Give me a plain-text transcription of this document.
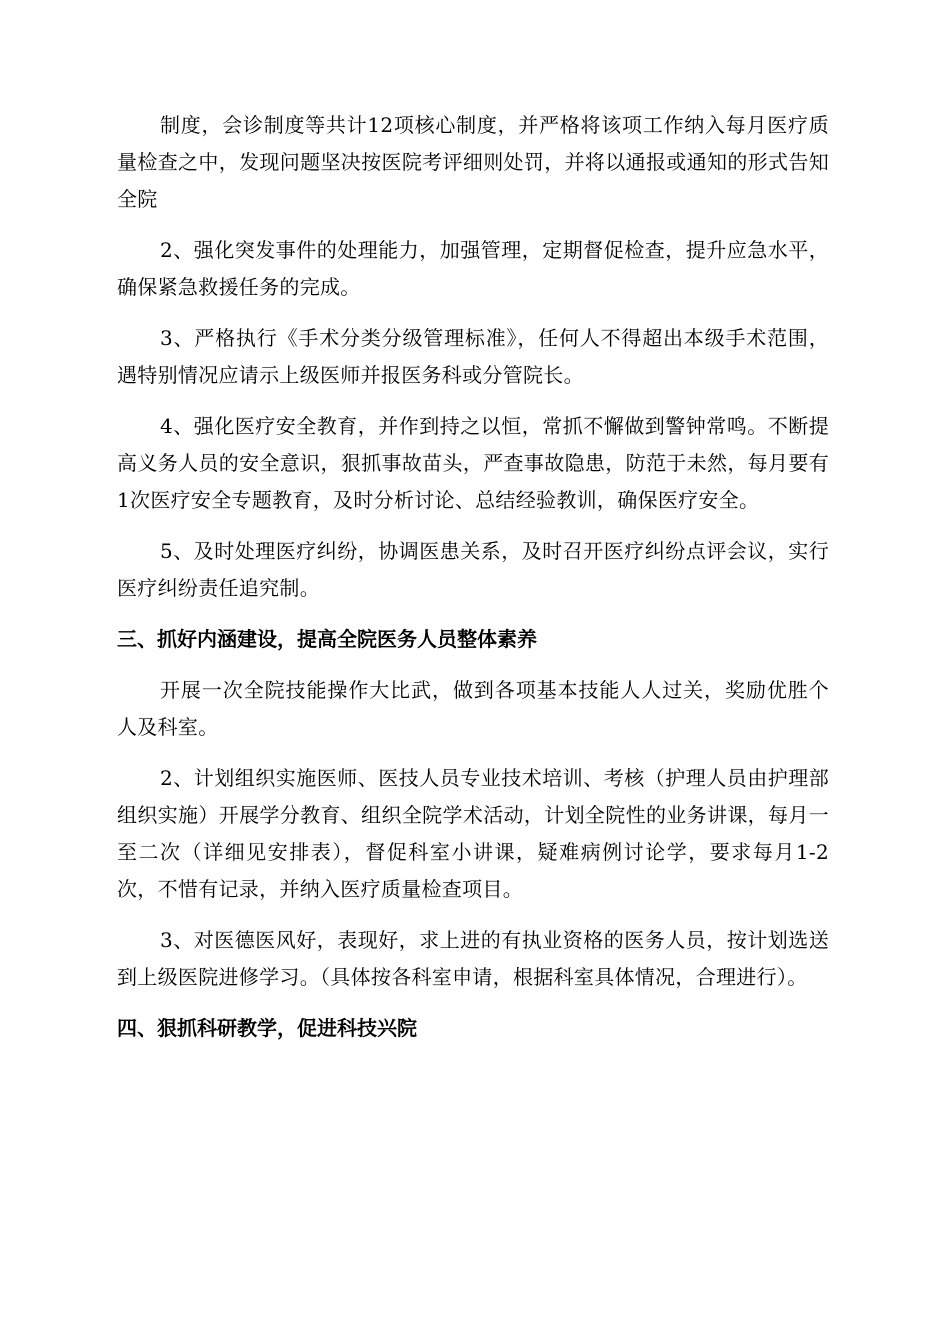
制度，会诊制度等共计12项核心制度，并严格将该项工作纳入每月医疗质量检查之中，发现问题坚决按医院考评细则处罚，并将以通报或通知的形式告知全院

2、强化突发事件的处理能力，加强管理，定期督促检查，提升应急水平，确保紧急救援任务的完成。

3、严格执行《手术分类分级管理标准》，任何人不得超出本级手术范围，遇特别情况应请示上级医师并报医务科或分管院长。

4、强化医疗安全教育，并作到持之以恒，常抓不懈做到警钟常鸣。不断提高义务人员的安全意识，狠抓事故苗头，严查事故隐患，防范于未然，每月要有1次医疗安全专题教育，及时分析讨论、总结经验教训，确保医疗安全。

5、及时处理医疗纠纷，协调医患关系，及时召开医疗纠纷点评会议，实行医疗纠纷责任追究制。

三、抓好内涵建设，提高全院医务人员整体素养

开展一次全院技能操作大比武，做到各项基本技能人人过关，奖励优胜个人及科室。

2、计划组织实施医师、医技人员专业技术培训、考核（护理人员由护理部组织实施）开展学分教育、组织全院学术活动，计划全院性的业务讲课，每月一至二次（详细见安排表），督促科室小讲课，疑难病例讨论学，要求每月1-2次，不惜有记录，并纳入医疗质量检查项目。

3、对医德医风好，表现好，求上进的有执业资格的医务人员，按计划选送到上级医院进修学习。（具体按各科室申请，根据科室具体情况，合理进行）。

四、狠抓科研教学，促进科技兴院
